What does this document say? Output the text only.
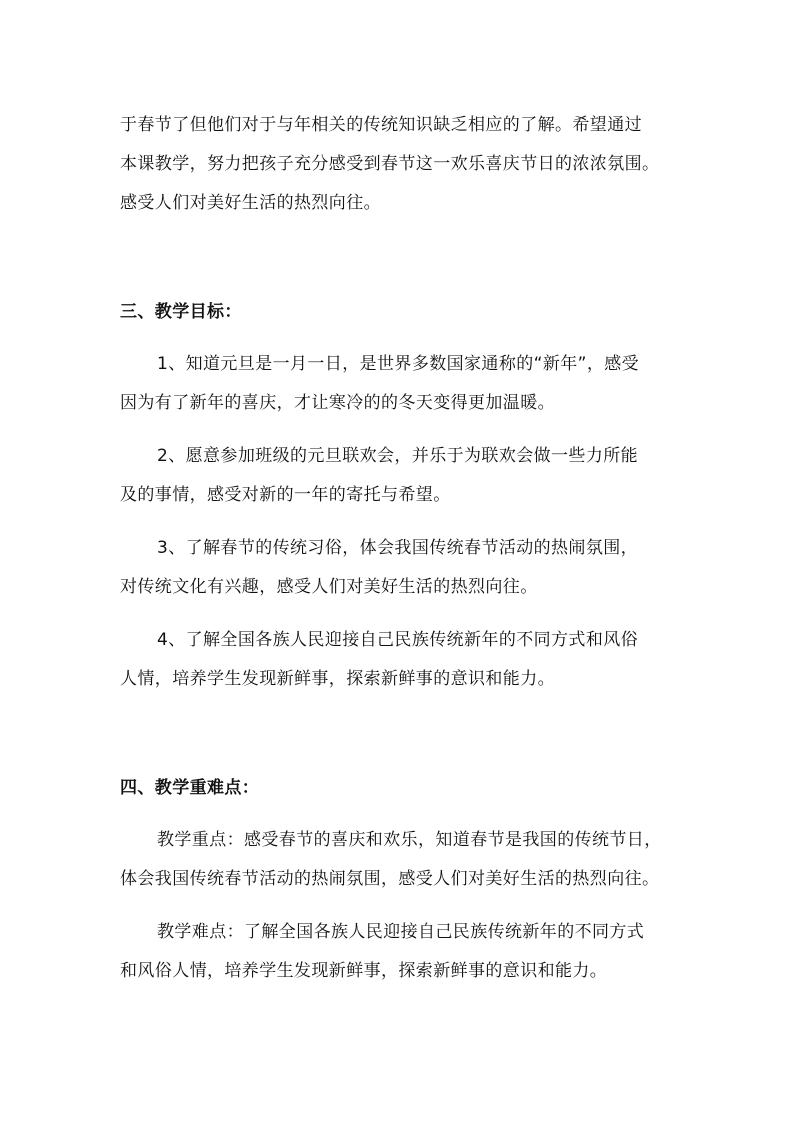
于春节了但他们对于与年相关的传统知识缺乏相应的了解。希望通过
本课教学，努力把孩子充分感受到春节这一欢乐喜庆节日的浓浓氛围。
感受人们对美好生活的热烈向往。
三、教学目标：
1、知道元旦是一月一日，是世界多数国家通称的“新年”，感受
因为有了新年的喜庆，才让寒冷的的冬天变得更加温暖。
2、愿意参加班级的元旦联欢会，并乐于为联欢会做一些力所能
及的事情，感受对新的一年的寄托与希望。
3、了解春节的传统习俗，体会我国传统春节活动的热闹氛围，
对传统文化有兴趣，感受人们对美好生活的热烈向往。
4、了解全国各族人民迎接自己民族传统新年的不同方式和风俗
人情，培养学生发现新鲜事，探索新鲜事的意识和能力。
四、教学重难点：
教学重点：感受春节的喜庆和欢乐，知道春节是我国的传统节日，
体会我国传统春节活动的热闹氛围，感受人们对美好生活的热烈向往。
教学难点：了解全国各族人民迎接自己民族传统新年的不同方式
和风俗人情，培养学生发现新鲜事，探索新鲜事的意识和能力。
